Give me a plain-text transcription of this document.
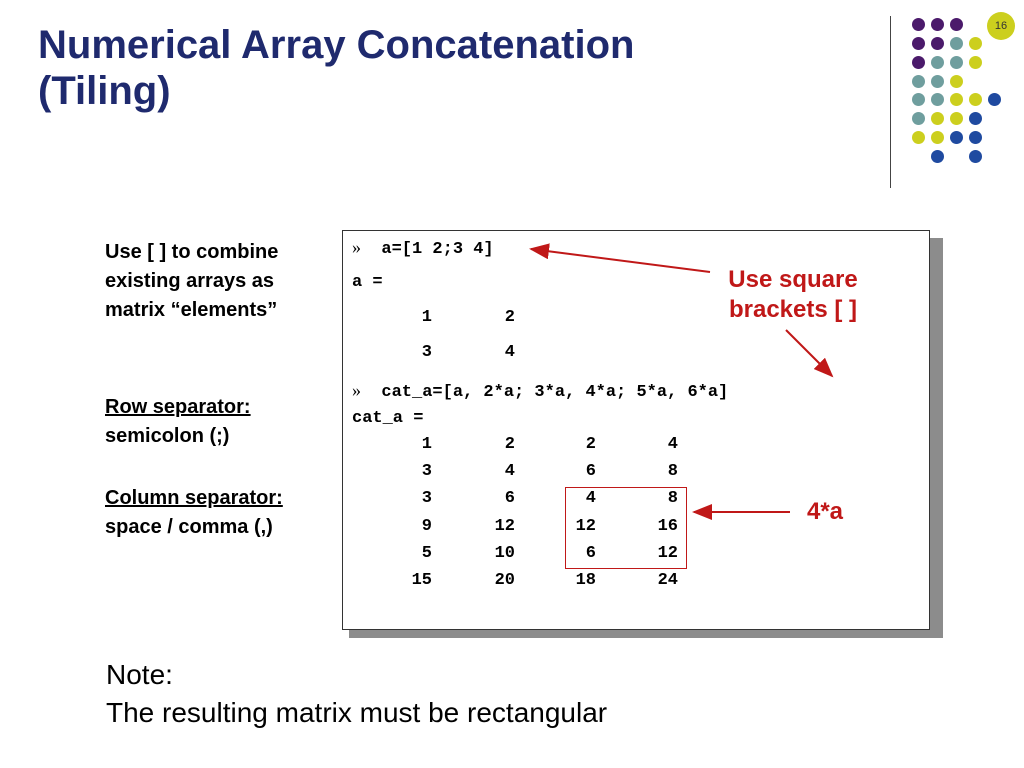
Numerical Array Concatenation
(Tiling)
16
Use [ ] to combine
existing arrays as
matrix “elements”
Row separator:
semicolon (;)
Column separator:
space / comma (,)
» a=[1 2;3 4]
a =
1	2
3	4
» cat_a=[a, 2*a; 3*a, 4*a; 5*a, 6*a]
cat_a =
1	2	2	4
3	4	6	8
3	6	4	8
9	12	12	16
5	10	6	12
15	20	18	24
Use square
brackets [ ]
4*a
Note:
The resulting matrix must be rectangular
